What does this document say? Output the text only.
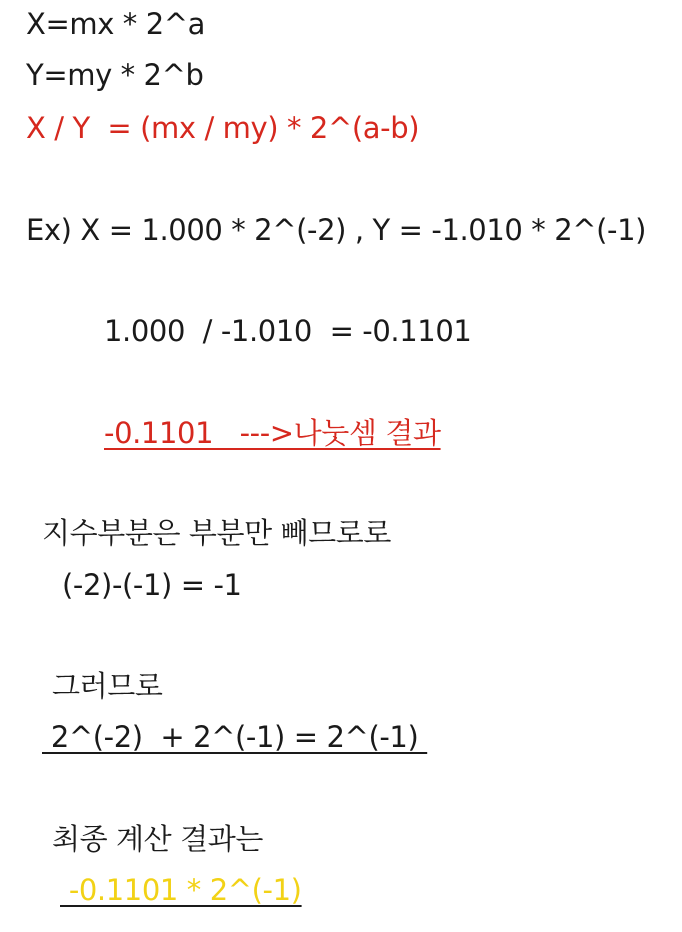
X=mx * 2^a
Y=my * 2^b
X / Y  = (mx / my) * 2^(a-b)
Ex) X = 1.000 * 2^(-2) , Y = -1.010 * 2^(-1)
1.000  / -1.010  = -0.1101
-0.1101   --->나눗셈 결과
지수부분은 부분만 빼므로로
(-2)-(-1) = -1
그러므로
2^(-2)  + 2^(-1) = 2^(-1)
최종 계산 결과는
-0.1101 * 2^(-1)
